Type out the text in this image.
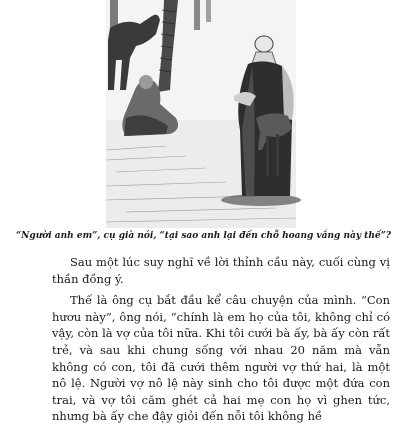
“Người anh em”, cụ già nói, “tại sao anh lại đến chỗ hoang vắng này thế”?

Sau một lúc suy nghĩ về lời thỉnh cầu này, cuối cùng vị thần đồng ý.

Thế là ông cụ bắt đầu kể câu chuyện của mình. “Con hươu này”, ông nói, “chính là em họ của tôi, không chỉ có vậy, còn là vợ của tôi nữa. Khi tôi cưới bà ấy, bà ấy còn rất trẻ, và sau khi chung sống với nhau 20 năm mà vẫn không có con, tôi đã cưới thêm người vợ thứ hai, là một nô lệ. Người vợ nô lệ này sinh cho tôi được một đứa con trai, và vợ tôi căm ghét cả hai mẹ con họ vì ghen tức, nhưng bà ấy che đậy giỏi đến nỗi tôi không hề
